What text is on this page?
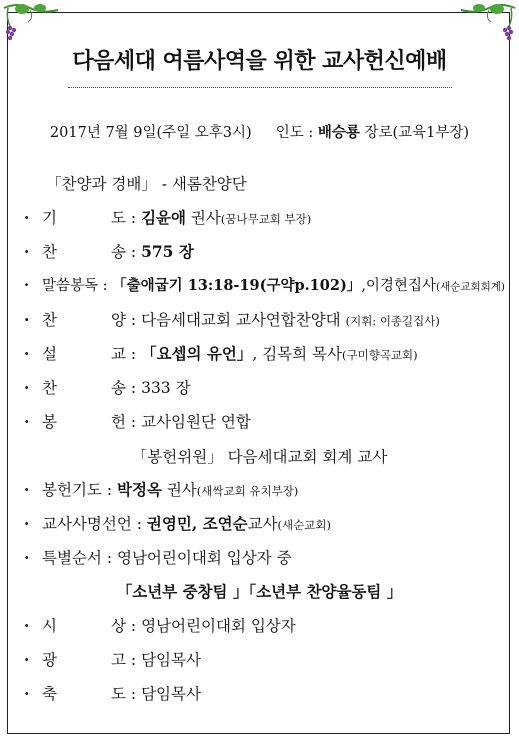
다음세대 여름사역을 위한 교사헌신예배
2017년 7월 9일(주일 오후3시) 인도 : 배승룡 장로(교육1부장)
「찬양과 경배」 - 새롬찬양단
· 기 도 : 김윤애 권사(꿈나무교회 부장)
· 찬 송 : 575 장
· 말씀봉독 : 「출애굽기 13:18-19(구약p.102)」,이경현집사(새순교회회계)
· 찬 양 : 다음세대교회 교사연합찬양대 (지휘: 이종길집사)
· 설 교 : 「요셉의 유언」, 김목희 목사(구미향곡교회)
· 찬 송 : 333 장
· 봉 헌 : 교사임원단 연합
「봉헌위원」 다음세대교회 회계 교사
· 봉헌기도 : 박정옥 권사(새싹교회 유치부장)
· 교사사명선언 : 권영민, 조연순교사(새순교회)
· 특별순서 : 영남어린이대회 입상자 중
「소년부 중창팀 」「소년부 찬양율동팀 」
· 시 상 : 영남어린이대회 입상자
· 광 고 : 담임목사
· 축 도 : 담임목사
